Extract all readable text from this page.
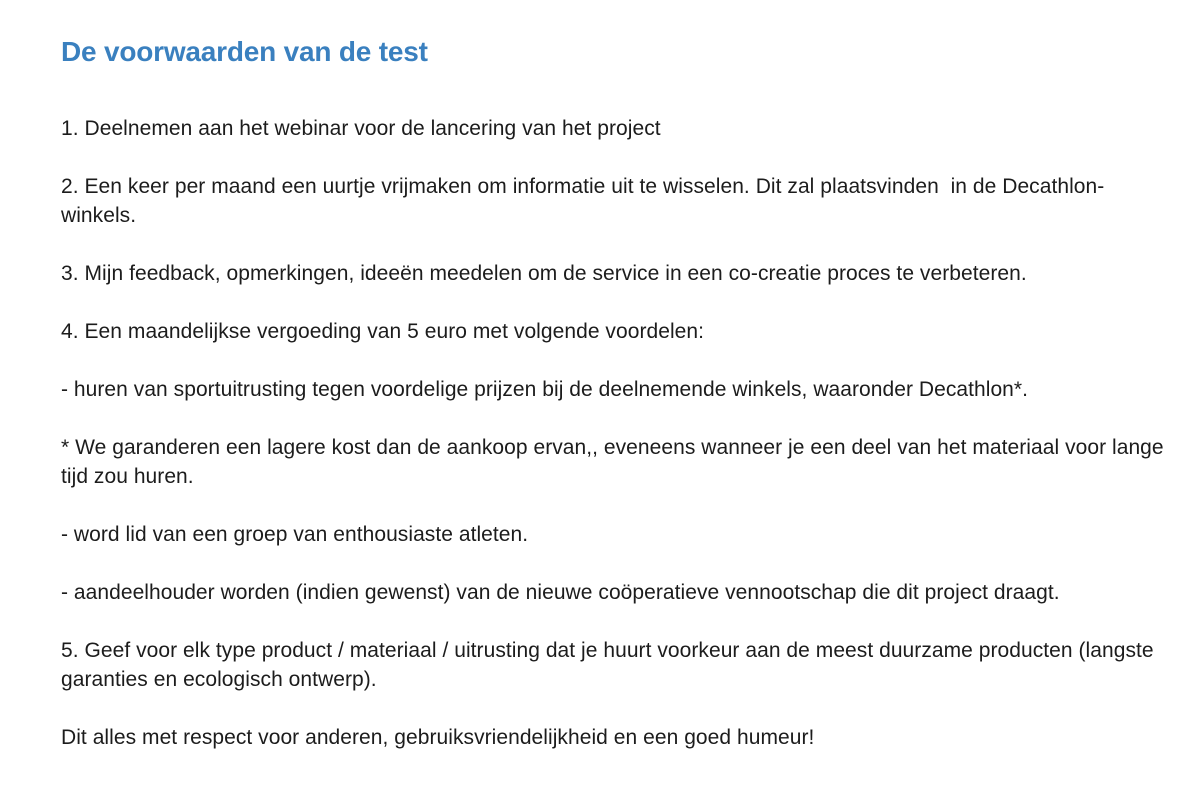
De voorwaarden van de test

1. Deelnemen aan het webinar voor de lancering van het project

2. Een keer per maand een uurtje vrijmaken om informatie uit te wisselen. Dit zal plaatsvinden  in de Decathlon-winkels.

3. Mijn feedback, opmerkingen, ideeën meedelen om de service in een co-creatie proces te verbeteren.

4. Een maandelijkse vergoeding van 5 euro met volgende voordelen:

- huren van sportuitrusting tegen voordelige prijzen bij de deelnemende winkels, waaronder Decathlon*.

* We garanderen een lagere kost dan de aankoop ervan,, eveneens wanneer je een deel van het materiaal voor lange tijd zou huren.

- word lid van een groep van enthousiaste atleten.

- aandeelhouder worden (indien gewenst) van de nieuwe coöperatieve vennootschap die dit project draagt.

5. Geef voor elk type product / materiaal / uitrusting dat je huurt voorkeur aan de meest duurzame producten (langste garanties en ecologisch ontwerp).

Dit alles met respect voor anderen, gebruiksvriendelijkheid en een goed humeur!
